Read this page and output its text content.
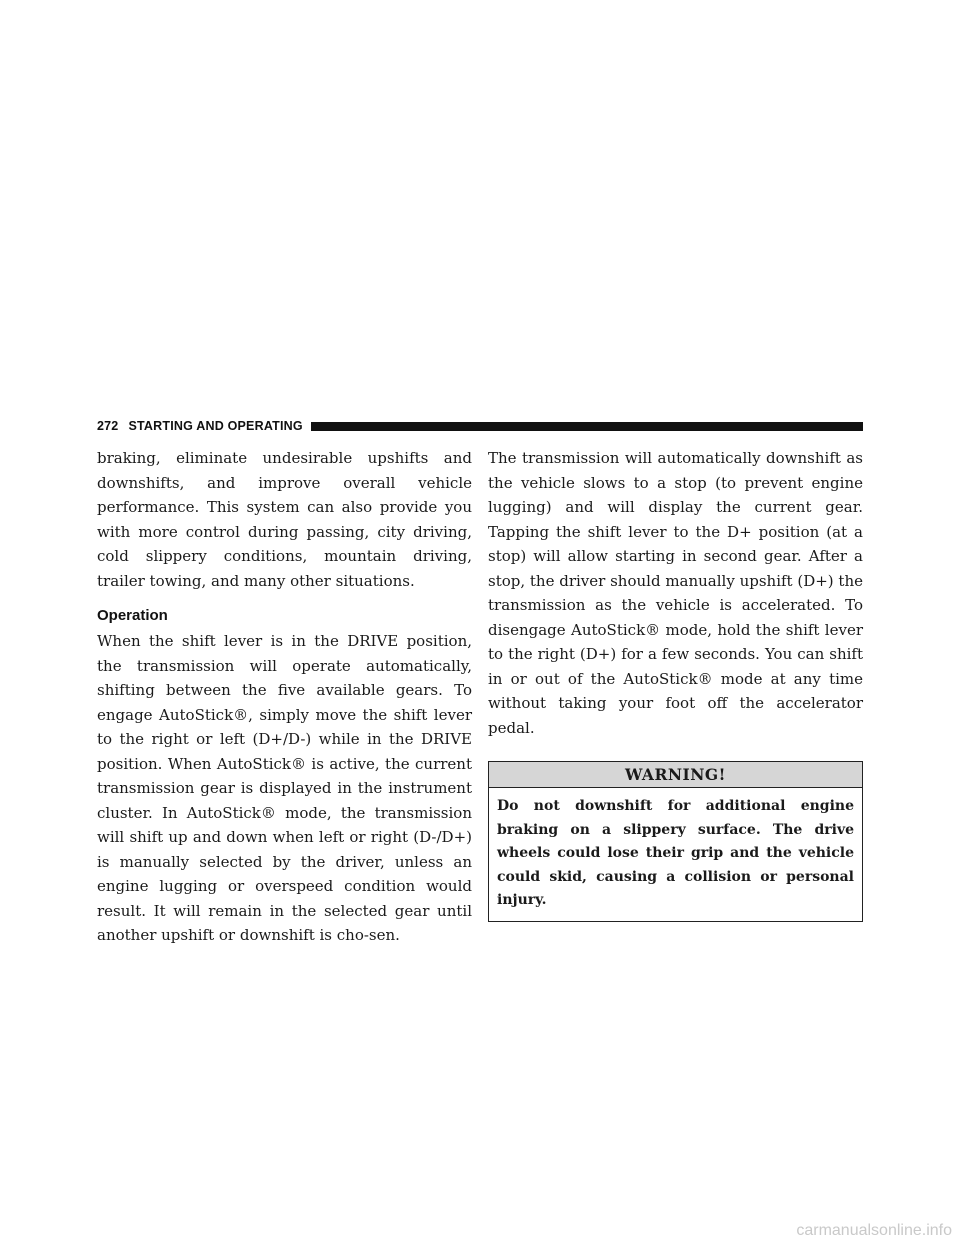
272 STARTING AND OPERATING

braking, eliminate undesirable upshifts and downshifts, and improve overall vehicle performance. This system can also provide you with more control during passing, city driving, cold slippery conditions, mountain driving, trailer towing, and many other situations.

Operation

When the shift lever is in the DRIVE position, the transmission will operate automatically, shifting between the five available gears. To engage AutoStick®, simply move the shift lever to the right or left (D+/D-) while in the DRIVE position. When AutoStick® is active, the current transmission gear is displayed in the instrument cluster. In AutoStick® mode, the transmission will shift up and down when left or right (D-/D+) is manually selected by the driver, unless an engine lugging or overspeed condition would result. It will remain in the selected gear until another upshift or downshift is cho-sen.

The transmission will automatically downshift as the vehicle slows to a stop (to prevent engine lugging) and will display the current gear. Tapping the shift lever to the D+ position (at a stop) will allow starting in second gear. After a stop, the driver should manually upshift (D+) the transmission as the vehicle is accelerated. To disengage AutoStick® mode, hold the shift lever to the right (D+) for a few seconds. You can shift in or out of the AutoStick® mode at any time without taking your foot off the accelerator pedal.

WARNING!
Do not downshift for additional engine braking on a slippery surface. The drive wheels could lose their grip and the vehicle could skid, causing a collision or personal injury.
carmanualsonline.info
